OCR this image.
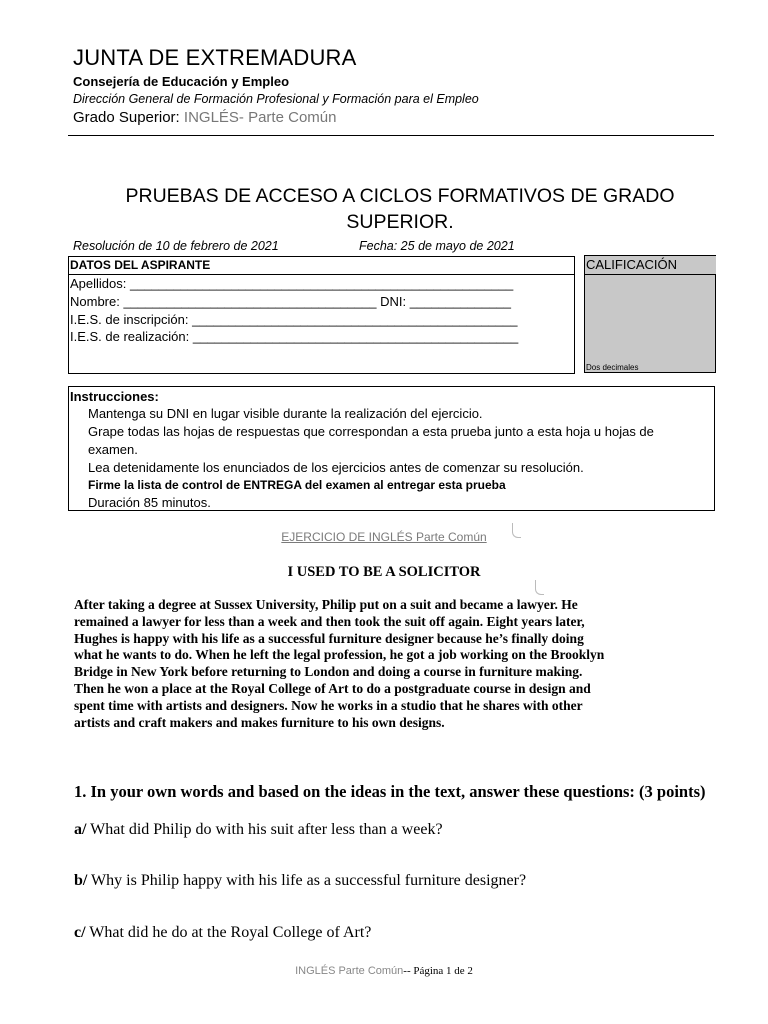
JUNTA DE EXTREMADURA
Consejería de Educación y Empleo
Dirección General de Formación Profesional y Formación para el Empleo
Grado Superior: INGLÉS- Parte Común
PRUEBAS DE ACCESO A CICLOS FORMATIVOS DE GRADO
SUPERIOR.
Resolución de 10 de febrero de 2021	Fecha: 25 de mayo de 2021
DATOS DEL ASPIRANTE
Apellidos: _____________________________________________________
Nombre: ___________________________________ DNI: ______________
I.E.S. de inscripción: _____________________________________________
I.E.S. de realización: _____________________________________________
CALIFICACIÓN
Dos decimales
Instrucciones:
Mantenga su DNI en lugar visible durante la realización del ejercicio.
Grape todas las hojas de respuestas que correspondan a esta prueba junto a esta hoja u hojas de
examen.
Lea detenidamente los enunciados de los ejercicios antes de comenzar su resolución.
Firme la lista de control de ENTREGA del examen al entregar esta prueba
Duración 85 minutos.
EJERCICIO DE INGLÉS Parte Común
I USED TO BE A SOLICITOR
After taking a degree at Sussex University, Philip put on a suit and became a lawyer. He
remained a lawyer for less than a week and then took the suit off again. Eight years later,
Hughes is happy with his life as a successful furniture designer because he’s finally doing
what he wants to do. When he left the legal profession, he got a job working on the Brooklyn
Bridge in New York before returning to London and doing a course in furniture making.
Then he won a place at the Royal College of Art to do a postgraduate course in design and
spent time with artists and designers. Now he works in a studio that he shares with other
artists and craft makers and makes furniture to his own designs.
1. In your own words and based on the ideas in the text, answer these questions: (3 points)
a/ What did Philip do with his suit after less than a week?
b/ Why is Philip happy with his life as a successful furniture designer?
c/ What did he do at the Royal College of Art?
INGLÉS Parte Común-- Página 1 de 2
